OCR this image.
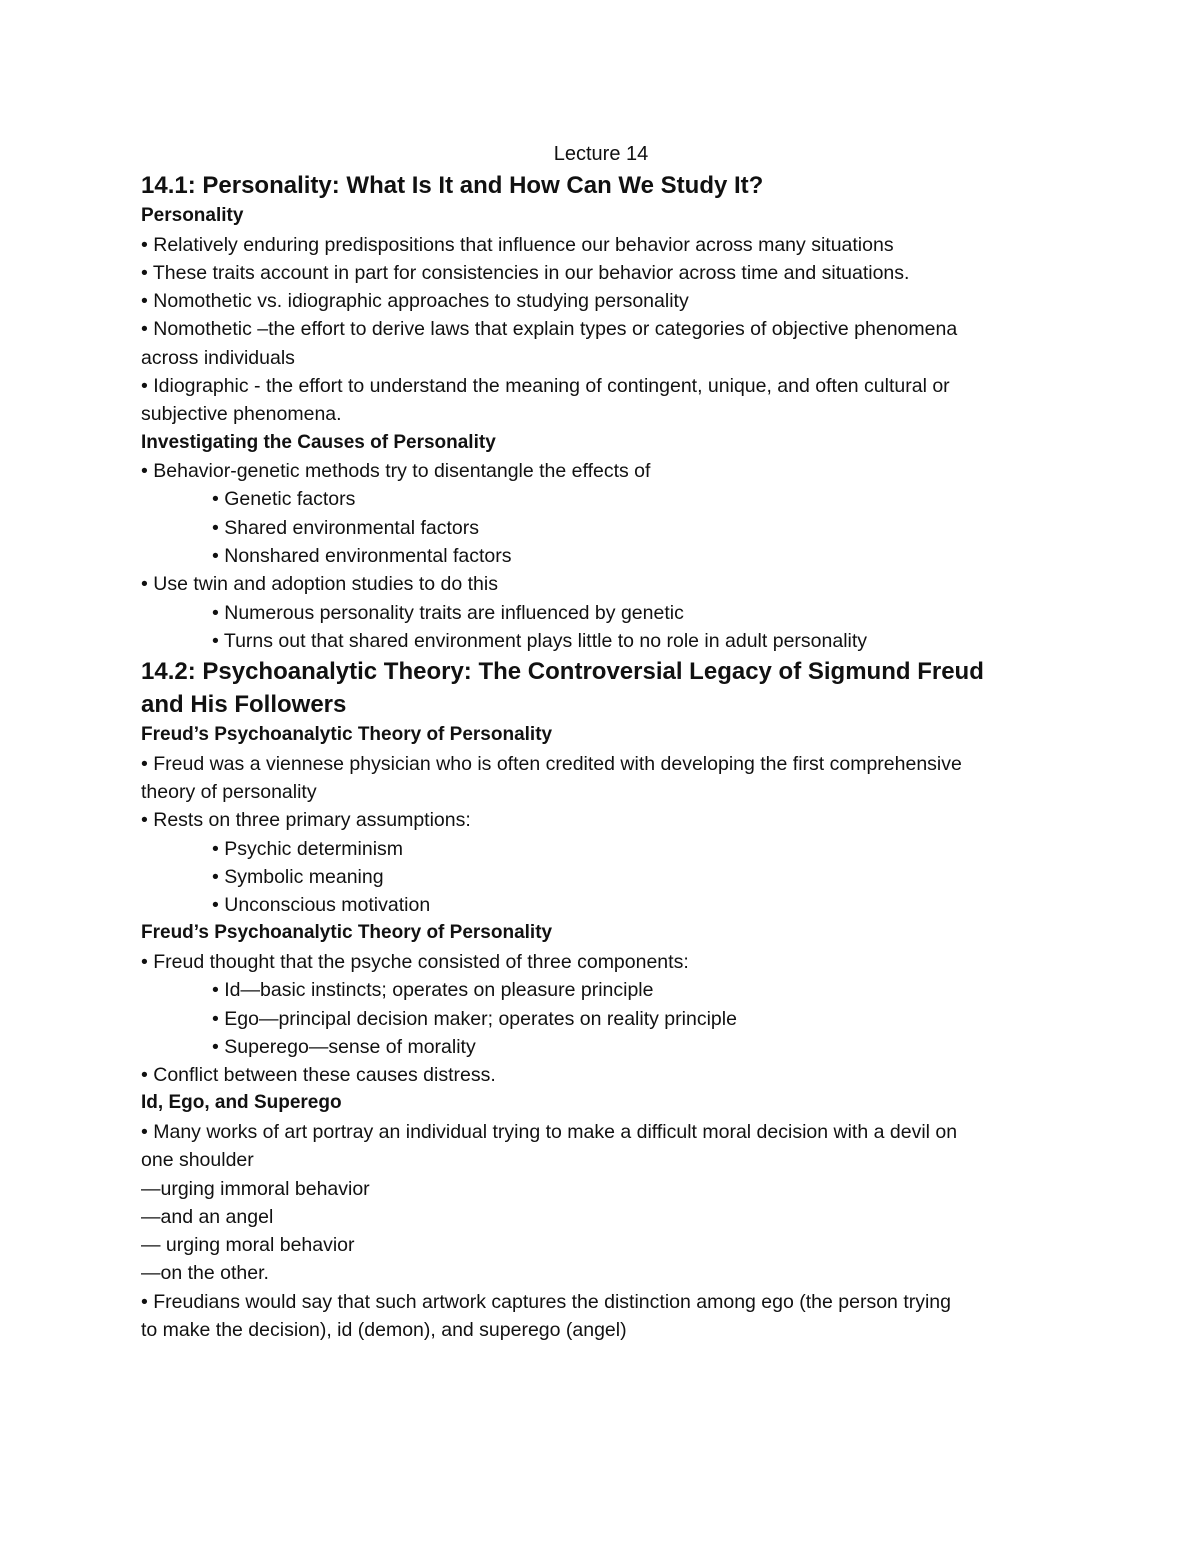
Lecture 14

14.1: Personality: What Is It and How Can We Study It?

Personality

• Relatively enduring predispositions that influence our behavior across many situations

• These traits account in part for consistencies in our behavior across time and situations.

• Nomothetic vs. idiographic approaches to studying personality

• Nomothetic –the effort to derive laws that explain types or categories of objective phenomena

across individuals

• Idiographic - the effort to understand the meaning of contingent, unique, and often cultural or

subjective phenomena.

Investigating the Causes of Personality

• Behavior-genetic methods try to disentangle the effects of

• Genetic factors

• Shared environmental factors

• Nonshared environmental factors

• Use twin and adoption studies to do this

• Numerous personality traits are influenced by genetic

• Turns out that shared environment plays little to no role in adult personality

14.2: Psychoanalytic Theory: The Controversial Legacy of Sigmund Freud

and His Followers

Freud’s Psychoanalytic Theory of Personality

• Freud was a viennese physician who is often credited with developing the first comprehensive

theory of personality

• Rests on three primary assumptions:

• Psychic determinism

• Symbolic meaning

• Unconscious motivation

Freud’s Psychoanalytic Theory of Personality

• Freud thought that the psyche consisted of three components:

• Id—basic instincts; operates on pleasure principle

• Ego—principal decision maker; operates on reality principle

• Superego—sense of morality

• Conflict between these causes distress.

Id, Ego, and Superego

• Many works of art portray an individual trying to make a difficult moral decision with a devil on

one shoulder

—urging immoral behavior

—and an angel

— urging moral behavior

—on the other.

• Freudians would say that such artwork captures the distinction among ego (the person trying

to make the decision), id (demon), and superego (angel)
